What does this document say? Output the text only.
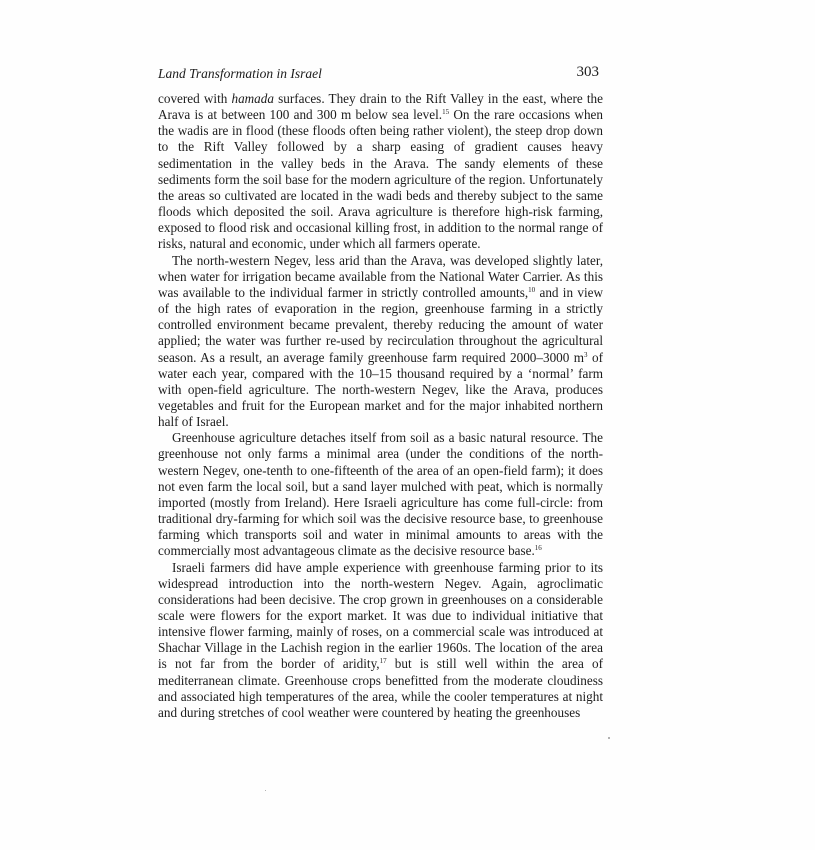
Land Transformation in Israel	303

covered with hamada surfaces. They drain to the Rift Valley in the east, where the Arava is at between 100 and 300 m below sea level.$^{15}$ On the rare occasions when the wadis are in flood (these floods often being rather violent), the steep drop down to the Rift Valley followed by a sharp easing of gradient causes heavy sedimentation in the valley beds in the Arava. The sandy elements of these sediments form the soil base for the modern agriculture of the region. Unfortunately the areas so cultivated are located in the wadi beds and thereby subject to the same floods which deposited the soil. Arava agriculture is therefore high-risk farming, exposed to flood risk and occasional killing frost, in addition to the normal range of risks, natural and economic, under which all farmers operate.

The north-western Negev, less arid than the Arava, was developed slightly later, when water for irrigation became available from the National Water Carrier. As this was available to the individual farmer in strictly controlled amounts,$^{10}$ and in view of the high rates of evaporation in the region, greenhouse farming in a strictly controlled environment became prevalent, thereby reducing the amount of water applied; the water was further re-used by recirculation throughout the agricultural season. As a result, an average family greenhouse farm required 2000–3000 $m^3$ of water each year, compared with the 10–15 thousand required by a ‘normal’ farm with open-field agriculture. The north-western Negev, like the Arava, produces vegetables and fruit for the European market and for the major inhabited northern half of Israel.

Greenhouse agriculture detaches itself from soil as a basic natural resource. The greenhouse not only farms a minimal area (under the conditions of the north-western Negev, one-tenth to one-fifteenth of the area of an open-field farm); it does not even farm the local soil, but a sand layer mulched with peat, which is normally imported (mostly from Ireland). Here Israeli agriculture has come full-circle: from traditional dry-farming for which soil was the decisive resource base, to greenhouse farming which transports soil and water in minimal amounts to areas with the commercially most advantageous climate as the decisive resource base.$^{16}$

Israeli farmers did have ample experience with greenhouse farming prior to its widespread introduction into the north-western Negev. Again, agroclimatic considerations had been decisive. The crop grown in greenhouses on a considerable scale were flowers for the export market. It was due to individual initiative that intensive flower farming, mainly of roses, on a commercial scale was introduced at Shachar Village in the Lachish region in the earlier 1960s. The location of the area is not far from the border of aridity,$^{17}$ but is still well within the area of mediterranean climate. Greenhouse crops benefitted from the moderate cloudiness and associated high temperatures of the area, while the cooler temperatures at night and during stretches of cool weather were countered by heating the greenhouses
